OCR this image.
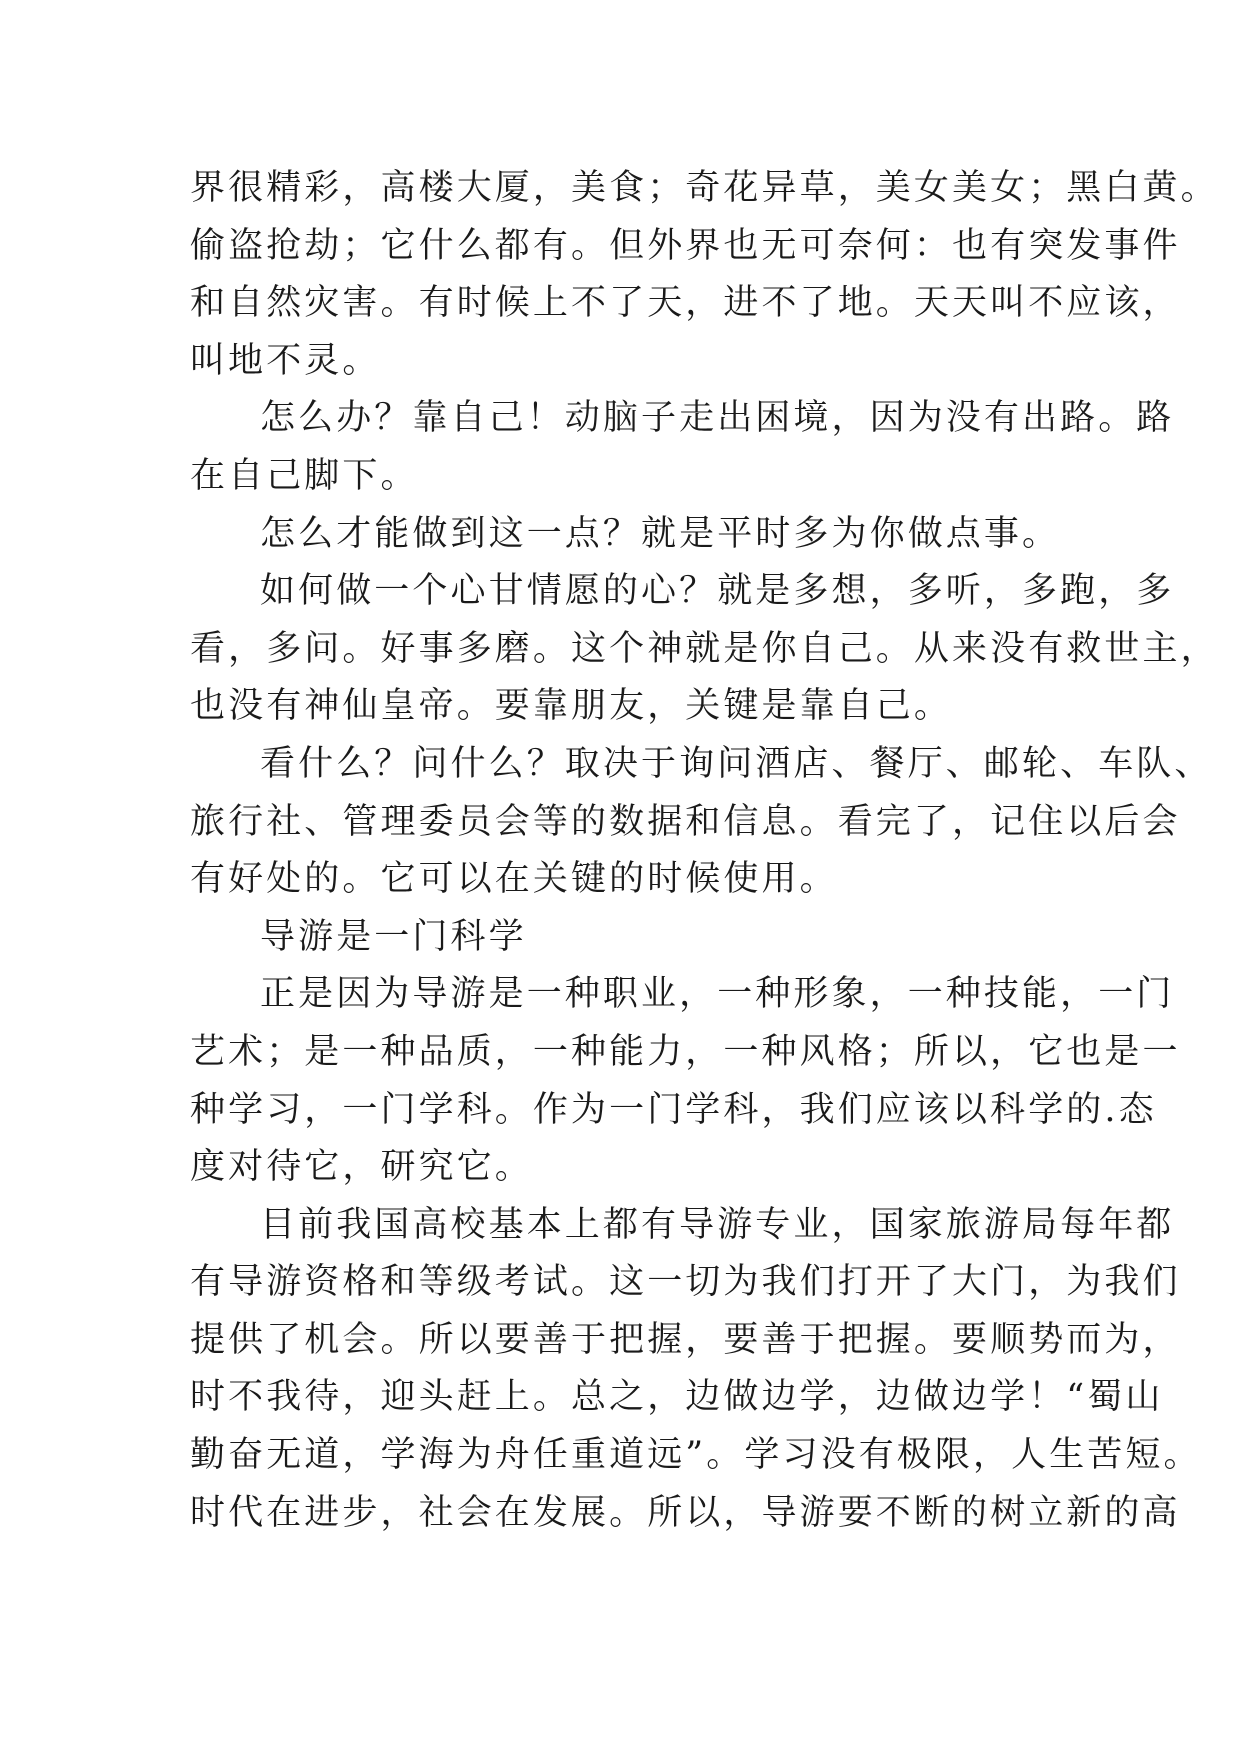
界很精彩，高楼大厦，美食；奇花异草，美女美女；黑白黄。
偷盗抢劫；它什么都有。但外界也无可奈何：也有突发事件
和自然灾害。有时候上不了天，进不了地。天天叫不应该，
叫地不灵。
怎么办？靠自己！动脑子走出困境，因为没有出路。路
在自己脚下。
怎么才能做到这一点？就是平时多为你做点事。
如何做一个心甘情愿的心？就是多想，多听，多跑，多
看，多问。好事多磨。这个神就是你自己。从来没有救世主，
也没有神仙皇帝。要靠朋友，关键是靠自己。
看什么？问什么？取决于询问酒店、餐厅、邮轮、车队、
旅行社、管理委员会等的数据和信息。看完了，记住以后会
有好处的。它可以在关键的时候使用。
导游是一门科学
正是因为导游是一种职业，一种形象，一种技能，一门
艺术；是一种品质，一种能力，一种风格；所以，它也是一
种学习，一门学科。作为一门学科，我们应该以科学的.态
度对待它，研究它。
目前我国高校基本上都有导游专业，国家旅游局每年都
有导游资格和等级考试。这一切为我们打开了大门，为我们
提供了机会。所以要善于把握，要善于把握。要顺势而为，
时不我待，迎头赶上。总之，边做边学，边做边学！“蜀山
勤奋无道，学海为舟任重道远”。学习没有极限，人生苦短。
时代在进步，社会在发展。所以，导游要不断的树立新的高
